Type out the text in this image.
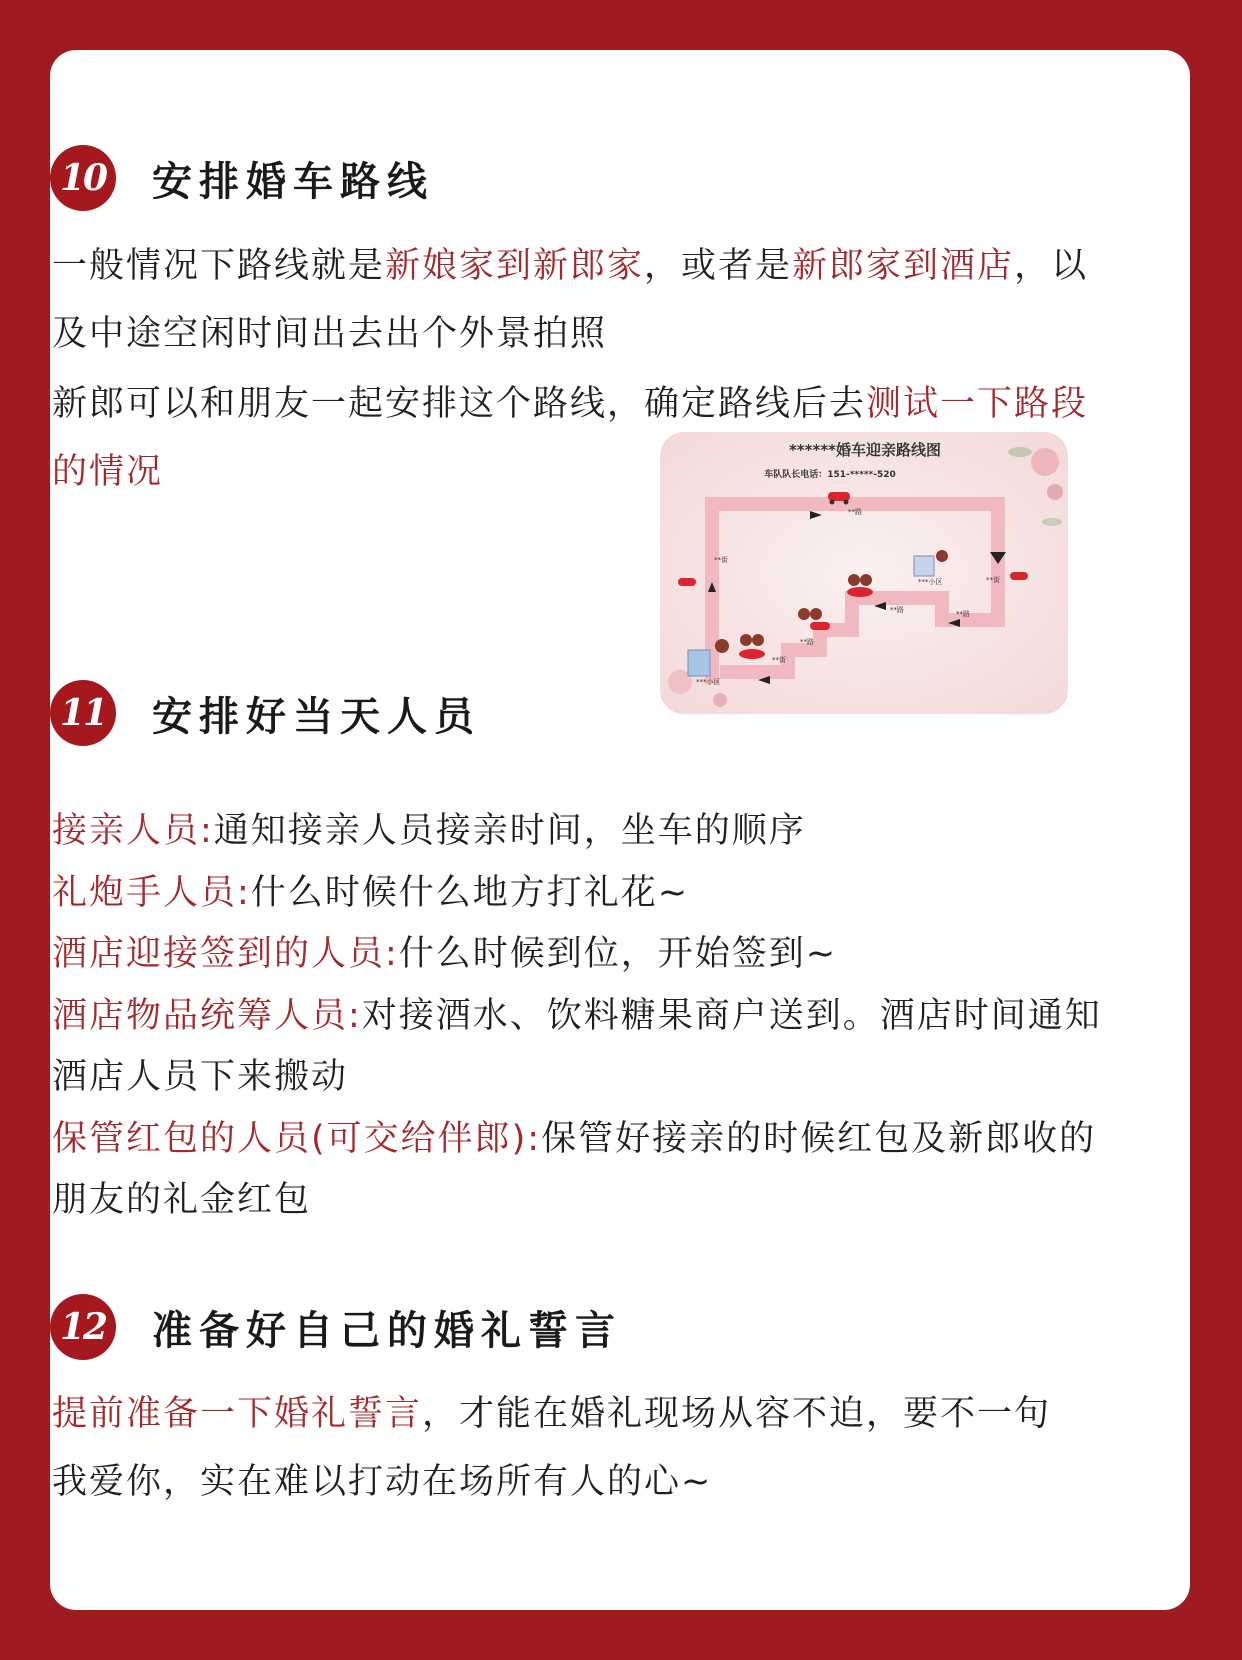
10 安排婚车路线

一般情况下路线就是新娘家到新郎家，或者是新郎家到酒店，以及中途空闲时间出去出个外景拍照

新郎可以和朋友一起安排这个路线，确定路线后去测试一下路段的情况

******婚车迎亲路线图
车队队长电话：151-*****-520
**路
**路	**路
**路
***小区
***小区
**街
**街
**街
11 安排好当天人员
接亲人员:通知接亲人员接亲时间，坐车的顺序
礼炮手人员:什么时候什么地方打礼花~
酒店迎接签到的人员:什么时候到位，开始签到~
酒店物品统筹人员:对接酒水、饮料糖果商户送到。酒店时间通知酒店人员下来搬动
保管红包的人员(可交给伴郎):保管好接亲的时候红包及新郎收的朋友的礼金红包
12 准备好自己的婚礼誓言

提前准备一下婚礼誓言，才能在婚礼现场从容不迫，要不一句我爱你，实在难以打动在场所有人的心~
